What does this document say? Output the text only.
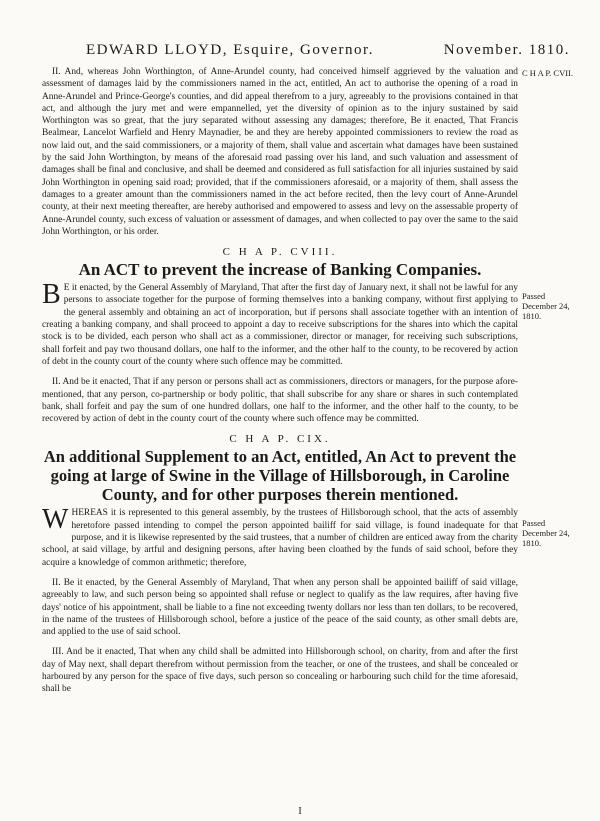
EDWARD LLOYD, Esquire, Governor.	November. 1810.
C H A P. CVII.
Passed December 24, 1810.
Passed December 24, 1810.

II. And, whereas John Worthington, of Anne-Arundel county, had conceived himself aggrieved by the valuation and assessment of damages laid by the commissioners named in the act, entitled, An act to authorise the opening of a road in Anne-Arundel and Prince-George's counties, and did appeal therefrom to a jury, agreeably to the provisions contained in that act, and although the jury met and were empannelled, yet the diversity of opinion as to the injury sustained by said Worthington was so great, that the jury separated without assessing any damages; therefore, Be it enacted, That Francis Bealmear, Lancelot Warfield and Henry Maynadier, be and they are hereby appointed commissioners to review the road as now laid out, and the said commissioners, or a majority of them, shall value and ascertain what damages have been sustained by the said John Worthington, by means of the aforesaid road passing over his land, and such valuation and assessment of damages shall be final and conclusive, and shall be deemed and considered as full satisfaction for all injuries sustained by said John Worthington in opening said road; provided, that if the commissioners aforesaid, or a majority of them, shall assess the damages to a greater amount than the commissioners named in the act before recited, then the levy court of Anne-Arundel county, at their next meeting thereafter, are hereby authorised and empowered to assess and levy on the assessable property of Anne-Arundel county, such excess of valuation or assessment of damages, and when collected to pay over the same to the said John Worthington, or his order.

C H A P. CVIII.
An ACT to prevent the increase of Banking Companies.

B E it enacted, by the General Assembly of Maryland, That after the first day of January next, it shall not be lawful for any persons to associate together for the purpose of forming themselves into a banking company, without first applying to the general assembly and obtaining an act of incorporation, but if persons shall associate together with an intention of creating a banking company, and shall proceed to appoint a day to receive subscriptions for the shares into which the capital stock is to be divided, each person who shall act as a commissioner, director or manager, for receiving such subscriptions, shall forfeit and pay two thousand dollars, one half to the informer, and the other half to the county, to be recovered by action of debt in the county court of the county where such offence may be committed.

II. And be it enacted, That if any person or persons shall act as commissioners, directors or managers, for the purpose afore-mentioned, that any person, co-partnership or body politic, that shall subscribe for any share or shares in such contemplated bank, shall forfeit and pay the sum of one hundred dollars, one half to the informer, and the other half to the county, to be recovered by action of debt in the county court of the county where such offence may be committed.

C H A P. CIX.
An additional Supplement to an Act, entitled, An Act to prevent the going at large of Swine in the Village of Hillsborough, in Caroline County, and for other purposes therein mentioned.

W HEREAS it is represented to this general assembly, by the trustees of Hillsborough school, that the acts of assembly heretofore passed intending to compel the person appointed bailiff for said village, is found inadequate for that purpose, and it is likewise represented by the said trustees, that a number of children are enticed away from the charity school, at said village, by artful and designing persons, after having been cloathed by the funds of said school, before they acquire a knowledge of common arithmetic; therefore,

II. Be it enacted, by the General Assembly of Maryland, That when any person shall be appointed bailiff of said village, agreeably to law, and such person being so appointed shall refuse or neglect to qualify as the law requires, after having five days' notice of his appointment, shall be liable to a fine not exceeding twenty dollars nor less than ten dollars, to be recovered, in the name of the trustees of Hillsborough school, before a justice of the peace of the said county, as other small debts are, and applied to the use of said school.

III. And be it enacted, That when any child shall be admitted into Hillsborough school, on charity, from and after the first day of May next, shall depart therefrom without permission from the teacher, or one of the trustees, and shall be concealed or harboured by any person for the space of five days, such person so concealing or harbouring such child for the time aforesaid, shall be

I
